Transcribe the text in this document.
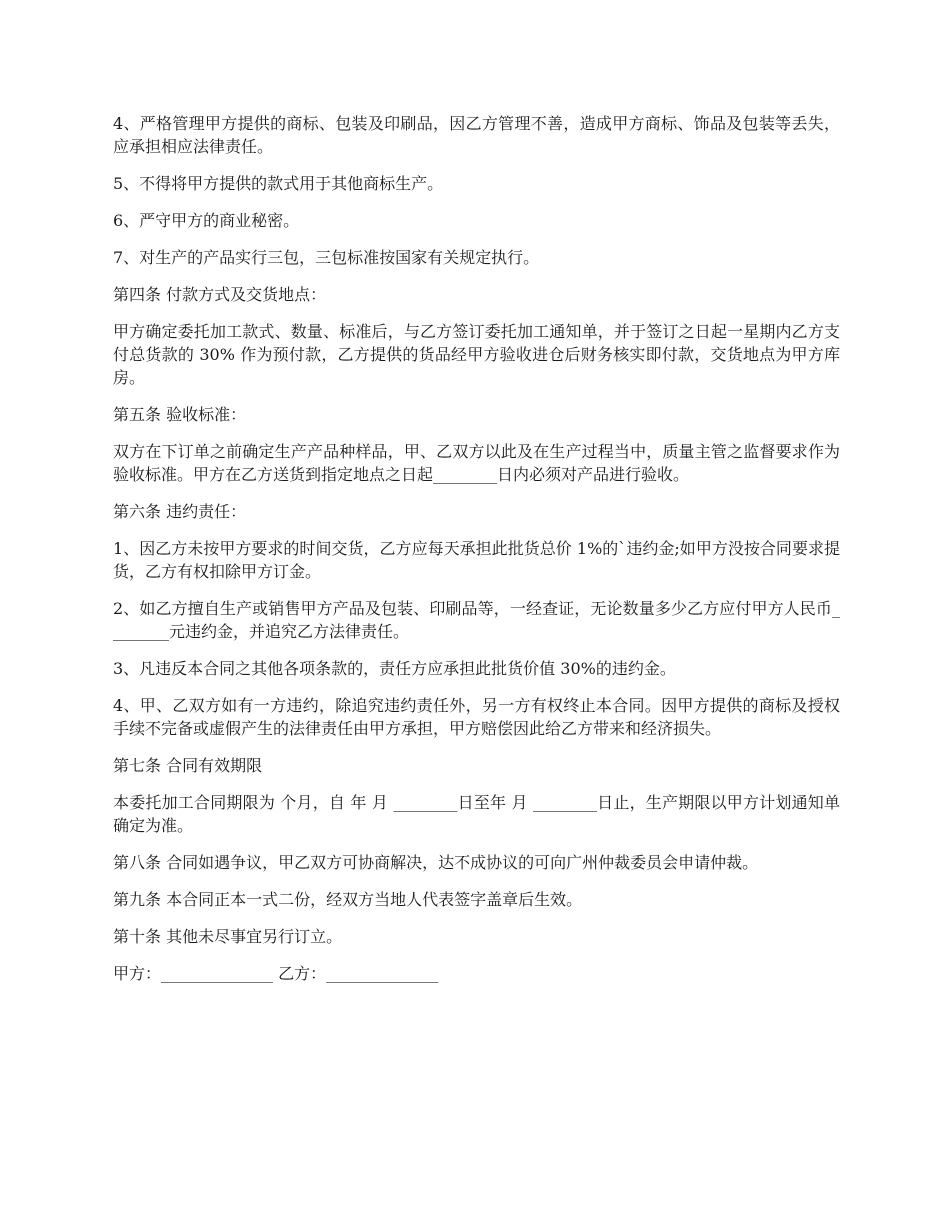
4、严格管理甲方提供的商标、包装及印刷品，因乙方管理不善，造成甲方商标、饰品及包装等丢失，应承担相应法律责任。

5、不得将甲方提供的款式用于其他商标生产。

6、严守甲方的商业秘密。

7、对生产的产品实行三包，三包标准按国家有关规定执行。

第四条 付款方式及交货地点：

甲方确定委托加工款式、数量、标准后，与乙方签订委托加工通知单，并于签订之日起一星期内乙方支付总货款的 30% 作为预付款，乙方提供的货品经甲方验收进仓后财务核实即付款，交货地点为甲方库房。

第五条 验收标准：

双方在下订单之前确定生产产品种样品，甲、乙双方以此及在生产过程当中，质量主管之监督要求作为验收标准。甲方在乙方送货到指定地点之日起________日内必须对产品进行验收。

第六条 违约责任：

1、因乙方未按甲方要求的时间交货，乙方应每天承担此批货总价 1%的`违约金;如甲方没按合同要求提货，乙方有权扣除甲方订金。

2、如乙方擅自生产或销售甲方产品及包装、印刷品等，一经查证，无论数量多少乙方应付甲方人民币________元违约金，并追究乙方法律责任。

3、凡违反本合同之其他各项条款的，责任方应承担此批货价值 30%的违约金。

4、甲、乙双方如有一方违约，除追究违约责任外，另一方有权终止本合同。因甲方提供的商标及授权手续不完备或虚假产生的法律责任由甲方承担，甲方赔偿因此给乙方带来和经济损失。

第七条 合同有效期限

本委托加工合同期限为 个月，自 年 月 ________日至年 月 ________日止，生产期限以甲方计划通知单确定为准。

第八条 合同如遇争议，甲乙双方可协商解决，达不成协议的可向广州仲裁委员会申请仲裁。

第九条 本合同正本一式二份，经双方当地人代表签字盖章后生效。

第十条 其他未尽事宜另行订立。

甲方：______________ 乙方：______________
